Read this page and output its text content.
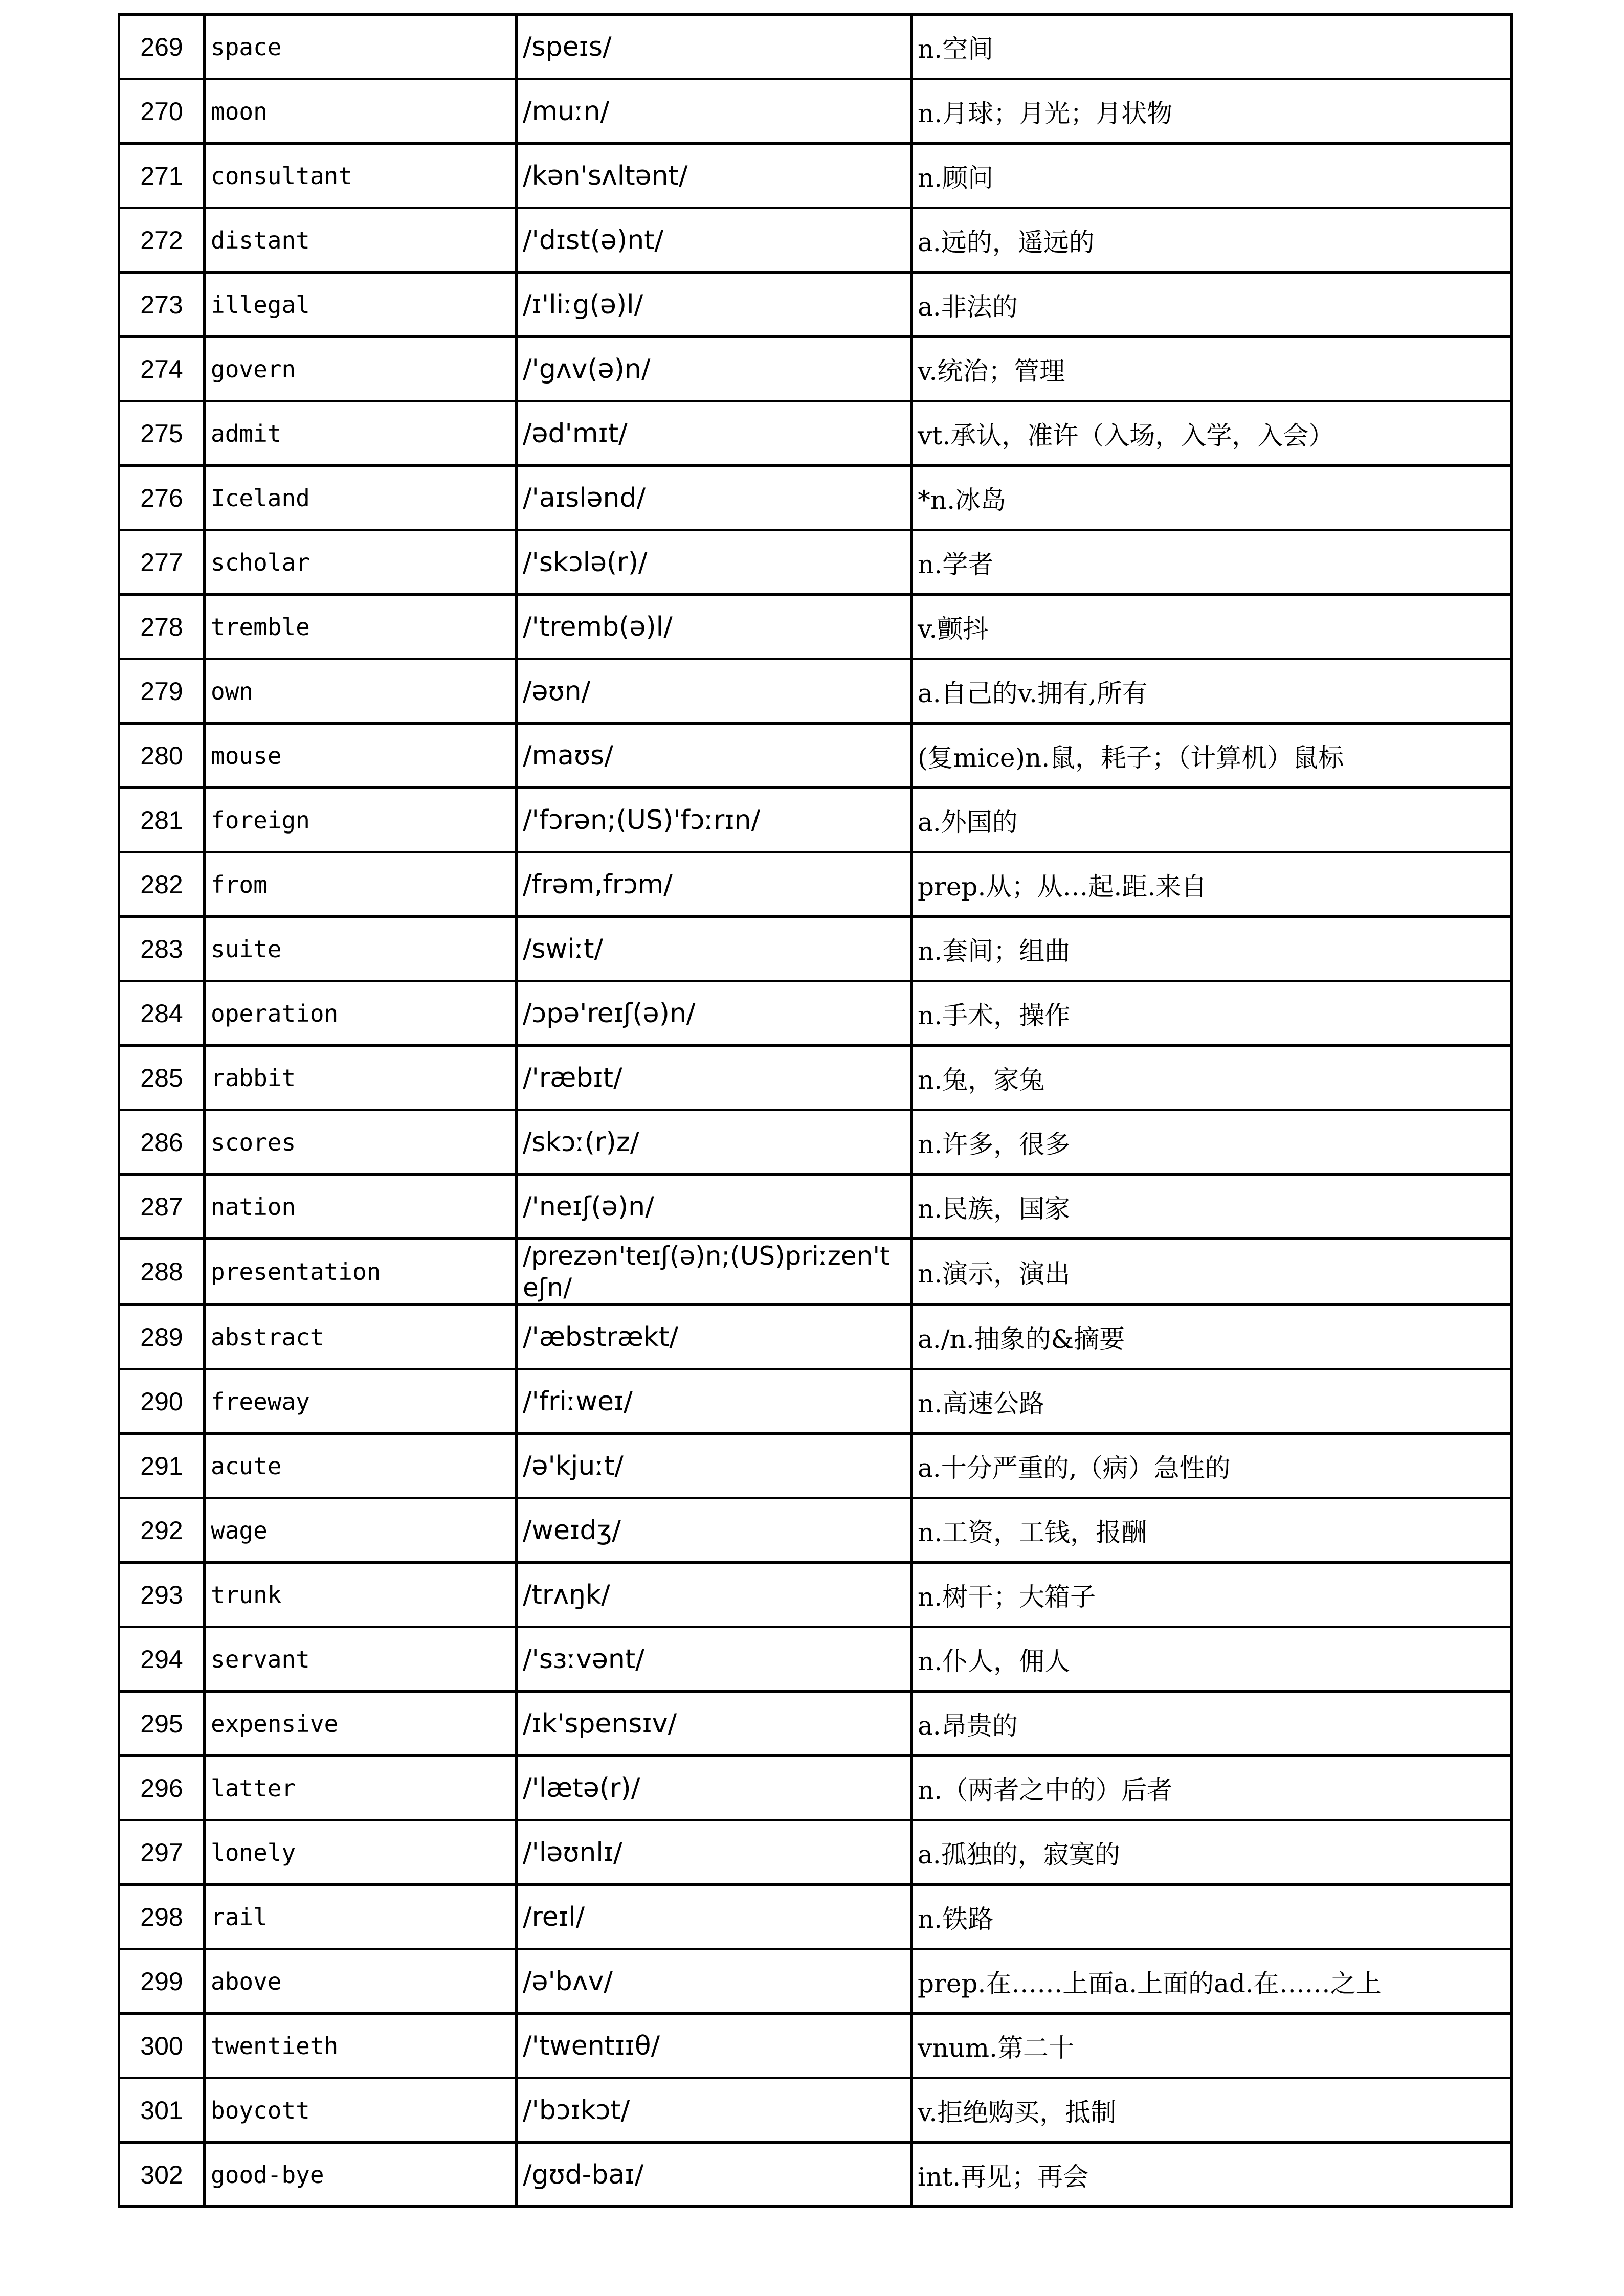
269	space	/speɪs/	n.空间
270	moon	/muːn/	n.月球；月光；月状物
271	consultant	/kən'sʌltənt/	n.顾问
272	distant	/'dɪst(ə)nt/	a.远的，遥远的
273	illegal	/ɪ'liːg(ə)l/	a.非法的
274	govern	/'gʌv(ə)n/	v.统治；管理
275	admit	/əd'mɪt/	vt.承认，准许（入场，入学，入会）
276	Iceland	/'aɪslənd/	*n.冰岛
277	scholar	/'skɔlə(r)/	n.学者
278	tremble	/'tremb(ə)l/	v.颤抖
279	own	/əʊn/	a.自己的v.拥有,所有
280	mouse	/maʊs/	(复mice)n.鼠，耗子；（计算机）鼠标
281	foreign	/'fɔrən;(US)'fɔːrɪn/	a.外国的
282	from	/frəm,frɔm/	prep.从；从…起.距.来自
283	suite	/swiːt/	n.套间；组曲
284	operation	/ɔpə'reɪʃ(ə)n/	n.手术，操作
285	rabbit	/'ræbɪt/	n.兔，家兔
286	scores	/skɔː(r)z/	n.许多，很多
287	nation	/'neɪʃ(ə)n/	n.民族，国家
288	presentation	/prezən'teɪʃ(ə)n;(US)priːzen'teʃn/	n.演示，演出
289	abstract	/'æbstrækt/	a./n.抽象的&摘要
290	freeway	/'friːweɪ/	n.高速公路
291	acute	/ə'kjuːt/	a.十分严重的,（病）急性的
292	wage	/weɪdʒ/	n.工资，工钱，报酬
293	trunk	/trʌŋk/	n.树干；大箱子
294	servant	/'sɜːvənt/	n.仆人，佣人
295	expensive	/ɪk'spensɪv/	a.昂贵的
296	latter	/'lætə(r)/	n.（两者之中的）后者
297	lonely	/'ləʊnlɪ/	a.孤独的，寂寞的
298	rail	/reɪl/	n.铁路
299	above	/ə'bʌv/	prep.在……上面a.上面的ad.在……之上
300	twentieth	/'twentɪɪθ/	vnum.第二十
301	boycott	/'bɔɪkɔt/	v.拒绝购买，抵制
302	good-bye	/gʊd-baɪ/	int.再见；再会
